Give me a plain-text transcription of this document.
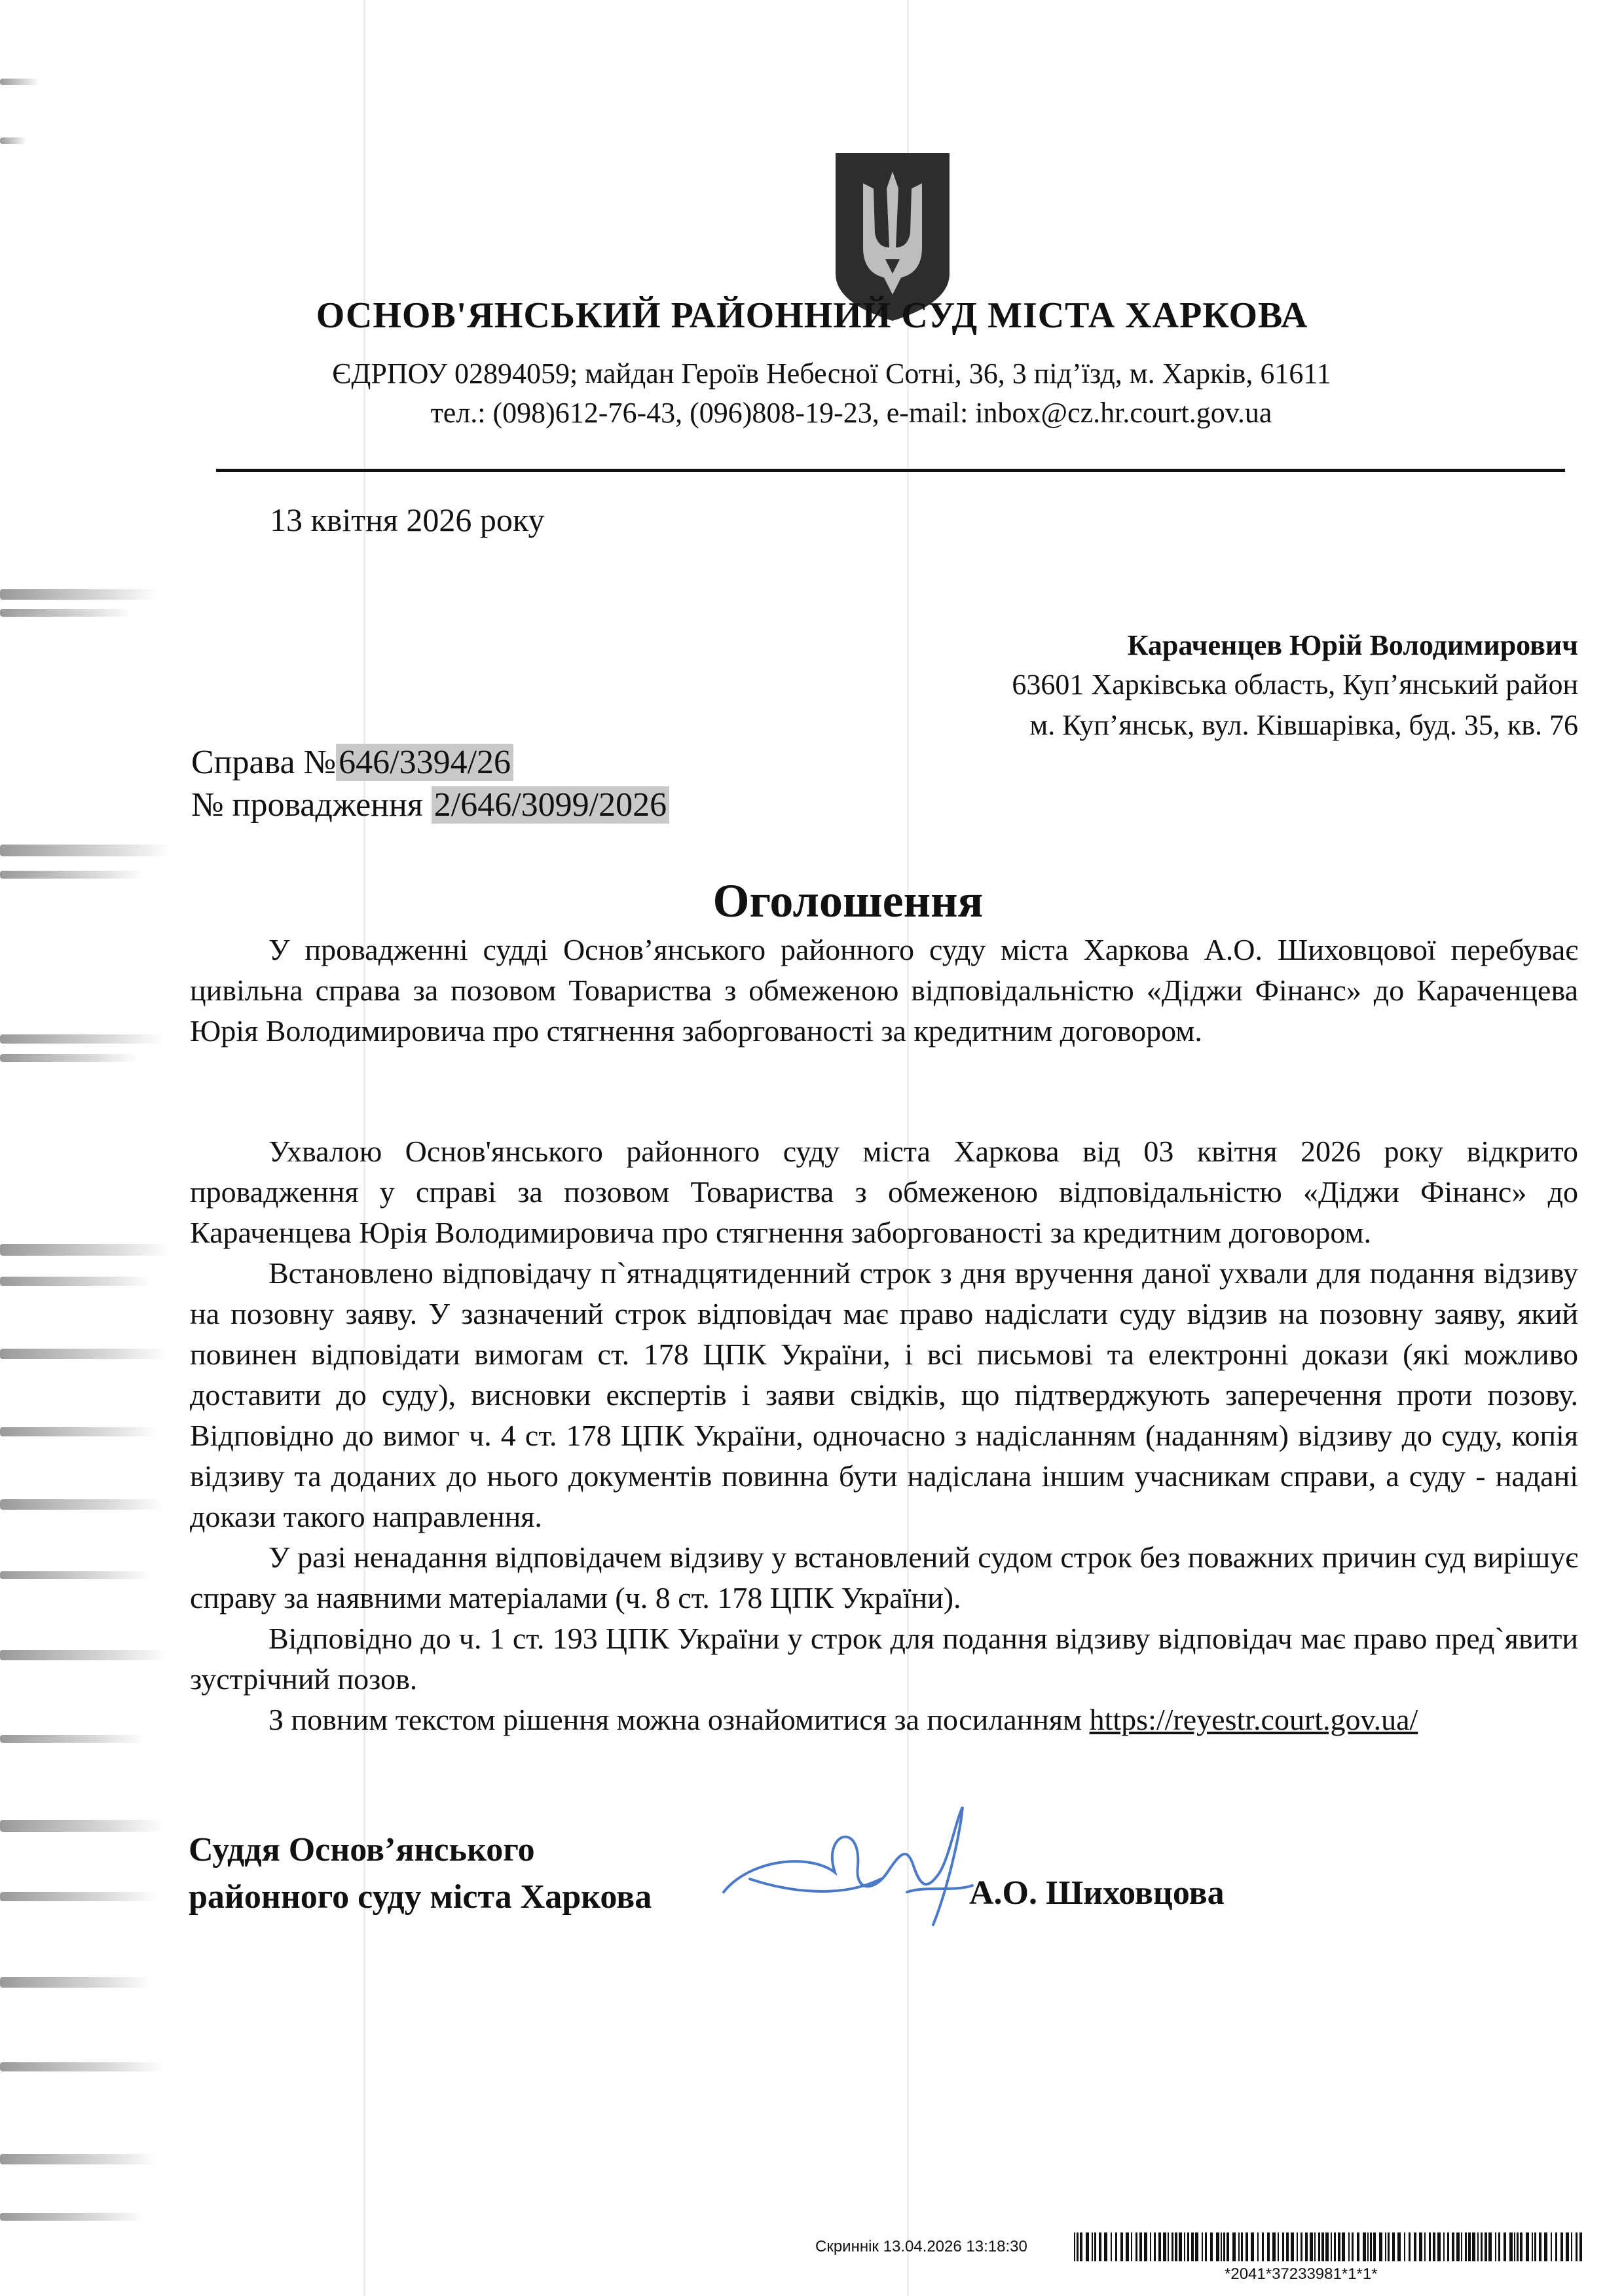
ОСНОВ'ЯНСЬКИЙ РАЙОННИЙ СУД МІСТА ХАРКОВА
ЄДРПОУ 02894059; майдан Героїв Небесної Сотні, 36, 3 під’їзд, м. Харків, 61611
тел.: (098)612-76-43, (096)808-19-23, e-mail: inbox@cz.hr.court.gov.ua
13 квітня 2026 року
Караченцев Юрій Володимирович
63601 Харківська область, Куп’янський район
м. Куп’янськ, вул. Ківшарівка, буд. 35, кв. 76
Справа №646/3394/26
№ провадження 2/646/3099/2026
Оголошення

У провадженні судді Основ’янського районного суду міста Харкова А.О. Шиховцової перебуває цивільна справа за позовом Товариства з обмеженою відповідальністю «Діджи Фінанс» до Караченцева Юрія Володимировича про стягнення заборгованості за кредитним договором.

Ухвалою Основ'янського районного суду міста Харкова від 03 квітня 2026 року відкрито провадження у справі за позовом Товариства з обмеженою відповідальністю «Діджи Фінанс» до Караченцева Юрія Володимировича про стягнення заборгованості за кредитним договором.

Встановлено відповідачу п`ятнадцятиденний строк з дня вручення даної ухвали для подання відзиву на позовну заяву. У зазначений строк відповідач має право надіслати суду відзив на позовну заяву, який повинен відповідати вимогам ст. 178 ЦПК України, і всі письмові та електронні докази (які можливо доставити до суду), висновки експертів і заяви свідків, що підтверджують заперечення проти позову. Відповідно до вимог ч. 4 ст. 178 ЦПК України, одночасно з надісланням (наданням) відзиву до суду, копія відзиву та доданих до нього документів повинна бути надіслана іншим учасникам справи, а суду - надані докази такого направлення.

У разі ненадання відповідачем відзиву у встановлений судом строк без поважних причин суд вирішує справу за наявними матеріалами (ч. 8 ст. 178 ЦПК України).

Відповідно до ч. 1 ст. 193 ЦПК України у строк для подання відзиву відповідач має право пред`явити зустрічний позов.

З повним текстом рішення можна ознайомитися за посиланням https://reyestr.court.gov.ua/

Суддя Основ’янського
районного суду міста Харкова	А.О. Шиховцова
Скриннік 13.04.2026 13:18:30
*2041*37233981*1*1*
